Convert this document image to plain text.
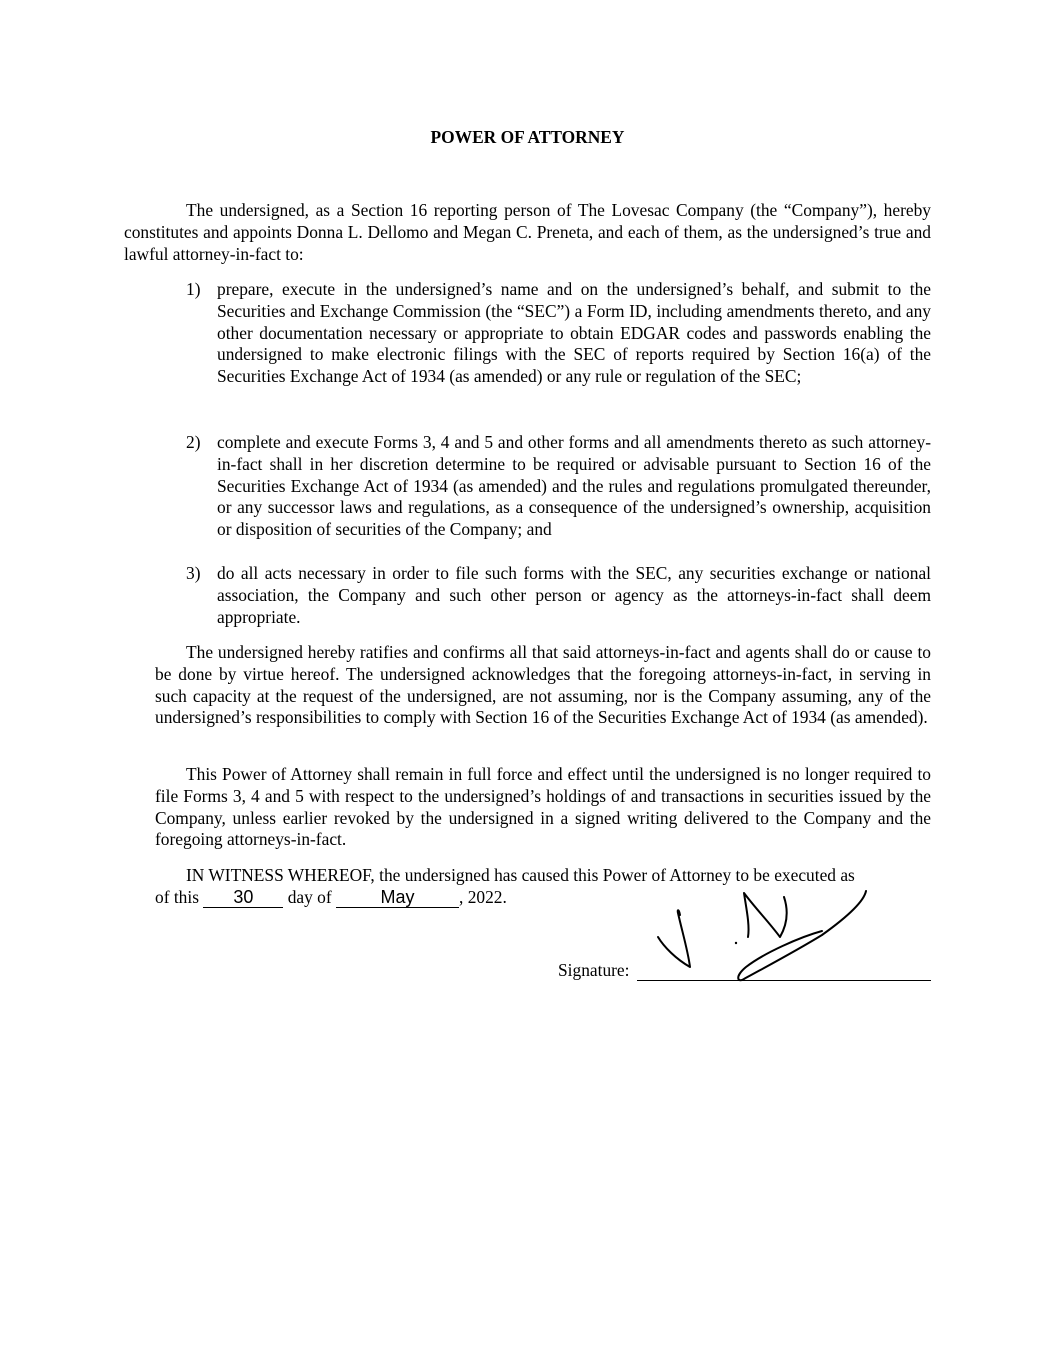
POWER OF ATTORNEY

The undersigned, as a Section 16 reporting person of The Lovesac Company (the “Company”), hereby constitutes and appoints Donna L. Dellomo and Megan C. Preneta, and each of them, as the undersigned’s true and lawful attorney-in-fact to:

1) prepare, execute in the undersigned’s name and on the undersigned’s behalf, and submit to the Securities and Exchange Commission (the “SEC”) a Form ID, including amendments thereto, and any other documentation necessary or appropriate to obtain EDGAR codes and passwords enabling the undersigned to make electronic filings with the SEC of reports required by Section 16(a) of the Securities Exchange Act of 1934 (as amended) or any rule or regulation of the SEC;

2) complete and execute Forms 3, 4 and 5 and other forms and all amendments thereto as such attorney-in-fact shall in her discretion determine to be required or advisable pursuant to Section 16 of the Securities Exchange Act of 1934 (as amended) and the rules and regulations promulgated thereunder, or any successor laws and regulations, as a consequence of the undersigned’s ownership, acquisition or disposition of securities of the Company; and

3) do all acts necessary in order to file such forms with the SEC, any securities exchange or national association, the Company and such other person or agency as the attorneys-in-fact shall deem appropriate.

The undersigned hereby ratifies and confirms all that said attorneys-in-fact and agents shall do or cause to be done by virtue hereof. The undersigned acknowledges that the foregoing attorneys-in-fact, in serving in such capacity at the request of the undersigned, are not assuming, nor is the Company assuming, any of the undersigned’s responsibilities to comply with Section 16 of the Securities Exchange Act of 1934 (as amended).

This Power of Attorney shall remain in full force and effect until the undersigned is no longer required to file Forms 3, 4 and 5 with respect to the undersigned’s holdings of and transactions in securities issued by the Company, unless earlier revoked by the undersigned in a signed writing delivered to the Company and the foregoing attorneys-in-fact.

IN WITNESS WHEREOF, the undersigned has caused this Power of Attorney to be executed as

of this 30 day of	May	, 2022.
Signature:
